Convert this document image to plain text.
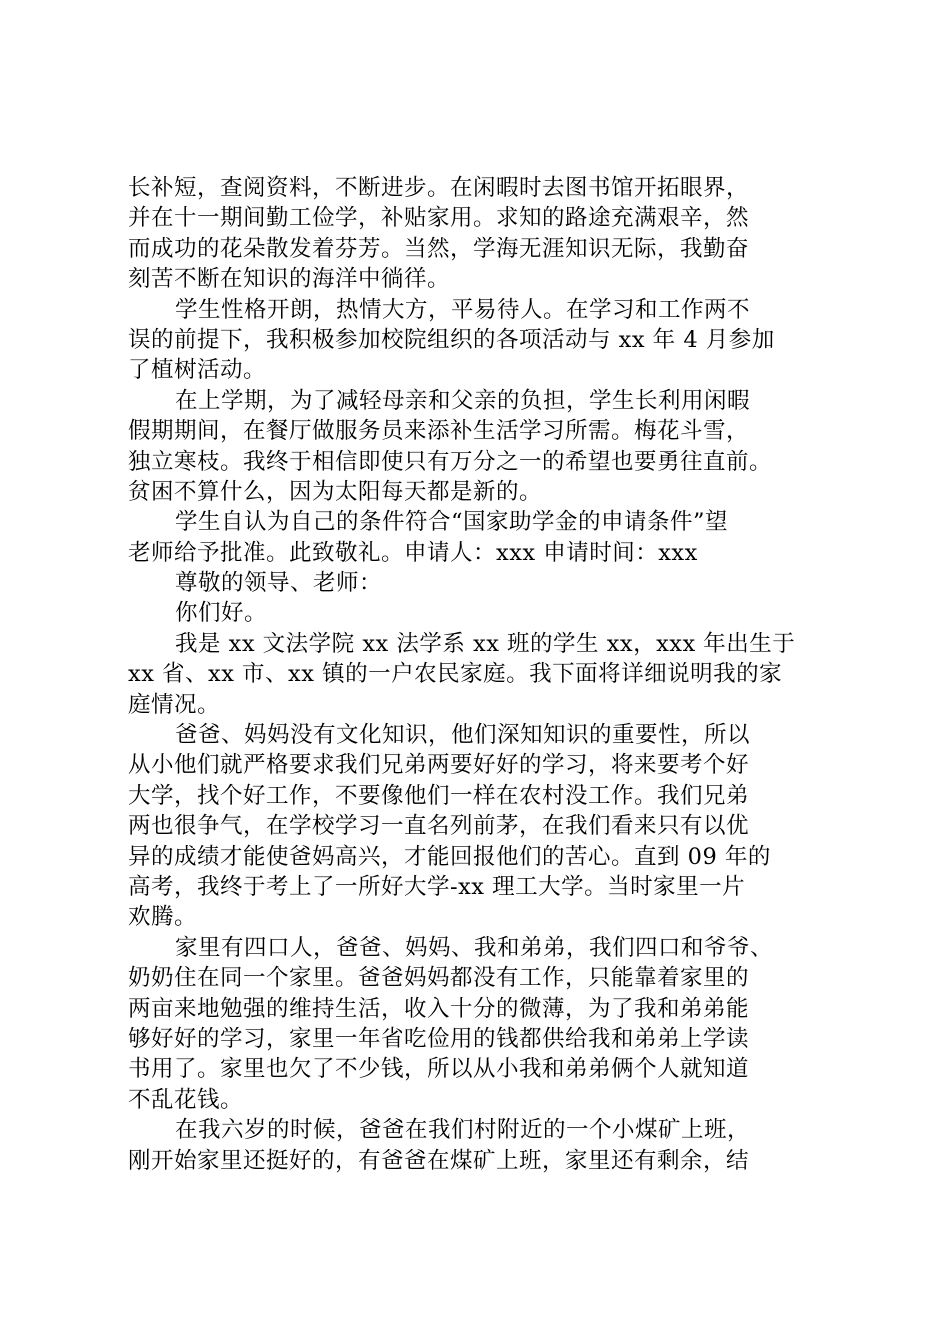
长补短，查阅资料，不断进步。在闲暇时去图书馆开拓眼界，
并在十一期间勤工俭学，补贴家用。求知的路途充满艰辛，然
而成功的花朵散发着芬芳。当然，学海无涯知识无际，我勤奋
刻苦不断在知识的海洋中徜徉。
学生性格开朗，热情大方，平易待人。在学习和工作两不
误的前提下，我积极参加校院组织的各项活动与 xx 年 4 月参加
了植树活动。
在上学期，为了减轻母亲和父亲的负担，学生长利用闲暇
假期期间，在餐厅做服务员来添补生活学习所需。梅花斗雪，
独立寒枝。我终于相信即使只有万分之一的希望也要勇往直前。
贫困不算什么，因为太阳每天都是新的。
学生自认为自己的条件符合“国家助学金的申请条件”望
老师给予批准。此致敬礼。申请人：xxx 申请时间：xxx
尊敬的领导、老师：
你们好。
我是 xx 文法学院 xx 法学系 xx 班的学生 xx，xxx 年出生于
xx 省、xx 市、xx 镇的一户农民家庭。我下面将详细说明我的家
庭情况。
爸爸、妈妈没有文化知识，他们深知知识的重要性，所以
从小他们就严格要求我们兄弟两要好好的学习，将来要考个好
大学，找个好工作，不要像他们一样在农村没工作。我们兄弟
两也很争气，在学校学习一直名列前茅，在我们看来只有以优
异的成绩才能使爸妈高兴，才能回报他们的苦心。直到 09 年的
高考，我终于考上了一所好大学-xx 理工大学。当时家里一片
欢腾。
家里有四口人，爸爸、妈妈、我和弟弟，我们四口和爷爷、
奶奶住在同一个家里。爸爸妈妈都没有工作，只能靠着家里的
两亩来地勉强的维持生活，收入十分的微薄，为了我和弟弟能
够好好的学习，家里一年省吃俭用的钱都供给我和弟弟上学读
书用了。家里也欠了不少钱，所以从小我和弟弟俩个人就知道
不乱花钱。
在我六岁的时候，爸爸在我们村附近的一个小煤矿上班，
刚开始家里还挺好的，有爸爸在煤矿上班，家里还有剩余，结
